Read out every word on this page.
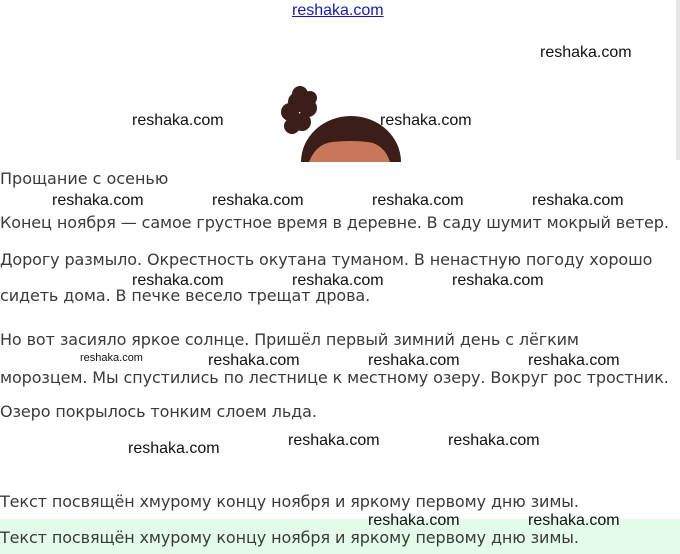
reshaka.com
reshaka.com
reshaka.com	reshaka.com
reshaka.com	reshaka.com	reshaka.com	reshaka.com
reshaka.com	reshaka.com	reshaka.com
reshaka.com	reshaka.com	reshaka.com	reshaka.com
reshaka.com	reshaka.com	reshaka.com
Прощание с осенью
Конец ноября — самое грустное время в деревне. В саду шумит мокрый ветер.
Дорогу размыло. Окрестность окутана туманом. В ненастную погоду хорошо
сидеть дома. В печке весело трещат дрова.
Но вот засияло яркое солнце. Пришёл первый зимний день с лёгким
морозцем. Мы спустились по лестнице к местному озеру. Вокруг рос тростник.
Озеро покрылось тонким слоем льда.
Текст посвящён хмурому концу ноября и яркому первому дню зимы.
reshaka.com	reshaka.com
Текст посвящён хмурому концу ноября и яркому первому дню зимы.
